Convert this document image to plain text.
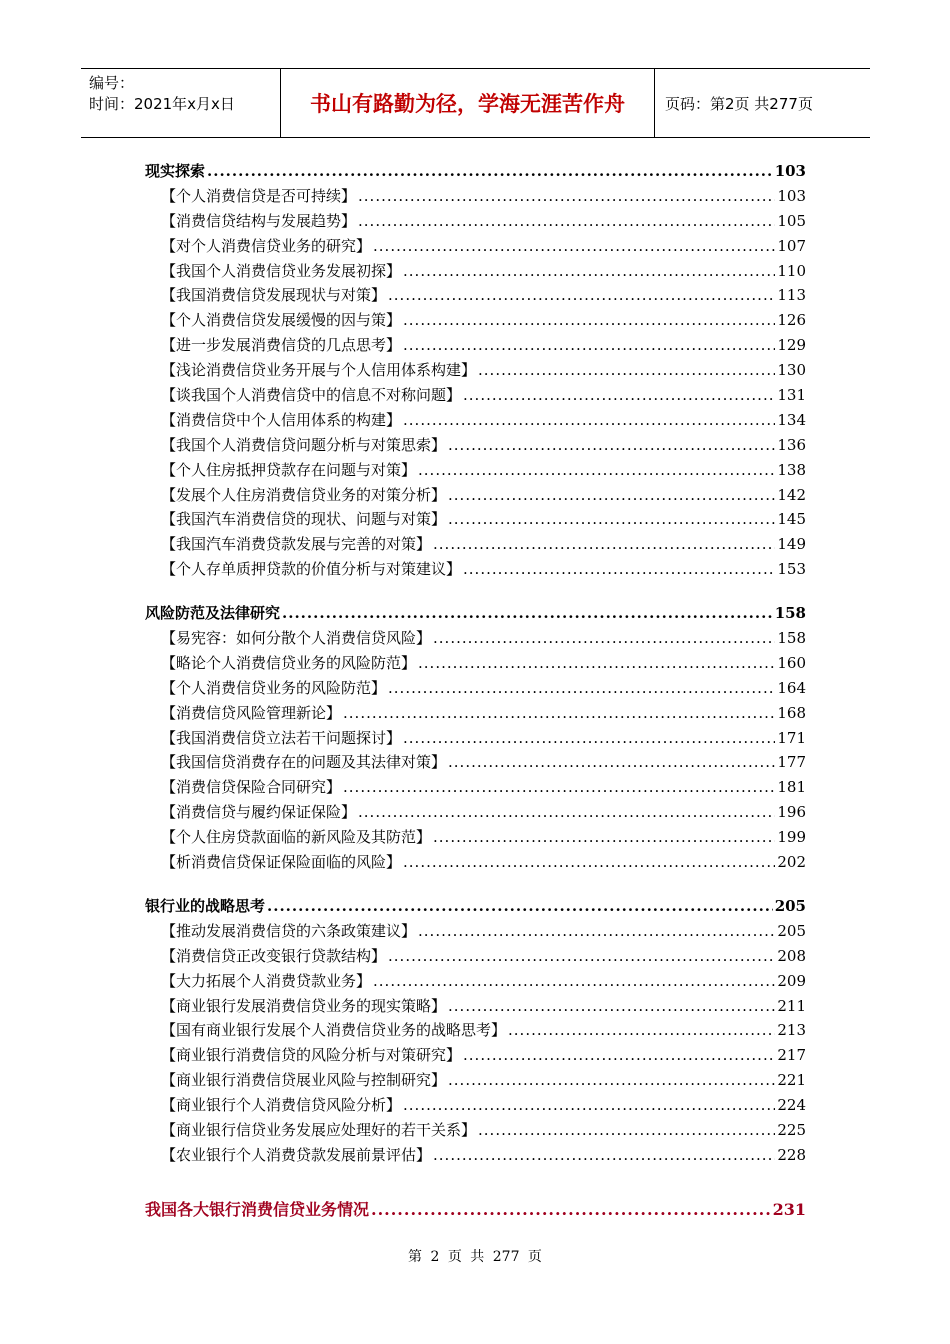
编号：
时间：2021年x月x日	书山有路勤为径，学海无涯苦作舟	页码：第2页 共277页
现实探索 .....	103
【个人消费信贷是否可持续】 .....	103
【消费信贷结构与发展趋势】 .....	105
【对个人消费信贷业务的研究】 .....	107
【我国个人消费信贷业务发展初探】 .....	110
【我国消费信贷发展现状与对策】 .....	113
【个人消费信贷发展缓慢的因与策】 .....	126
【进一步发展消费信贷的几点思考】 .....	129
【浅论消费信贷业务开展与个人信用体系构建】 .....	130
【谈我国个人消费信贷中的信息不对称问题】 .....	131
【消费信贷中个人信用体系的构建】 .....	134
【我国个人消费信贷问题分析与对策思索】 .....	136
【个人住房抵押贷款存在问题与对策】 .....	138
【发展个人住房消费信贷业务的对策分析】 .....	142
【我国汽车消费信贷的现状、问题与对策】 .....	145
【我国汽车消费贷款发展与完善的对策】 .....	149
【个人存单质押贷款的价值分析与对策建议】 .....	153
风险防范及法律研究 .....	158
【易宪容：如何分散个人消费信贷风险】 .....	158
【略论个人消费信贷业务的风险防范】 .....	160
【个人消费信贷业务的风险防范】 .....	164
【消费信贷风险管理新论】 .....	168
【我国消费信贷立法若干问题探讨】 .....	171
【我国信贷消费存在的问题及其法律对策】 .....	177
【消费信贷保险合同研究】 .....	181
【消费信贷与履约保证保险】 .....	196
【个人住房贷款面临的新风险及其防范】 .....	199
【析消费信贷保证保险面临的风险】 .....	202
银行业的战略思考 .....	205
【推动发展消费信贷的六条政策建议】 .....	205
【消费信贷正改变银行贷款结构】 .....	208
【大力拓展个人消费贷款业务】 .....	209
【商业银行发展消费信贷业务的现实策略】 .....	211
【国有商业银行发展个人消费信贷业务的战略思考】 .....	213
【商业银行消费信贷的风险分析与对策研究】 .....	217
【商业银行消费信贷展业风险与控制研究】 .....	221
【商业银行个人消费信贷风险分析】 .....	224
【商业银行信贷业务发展应处理好的若干关系】 .....	225
【农业银行个人消费贷款发展前景评估】 .....	228
我国各大银行消费信贷业务情况 .....	231
第 2 页 共 277 页
